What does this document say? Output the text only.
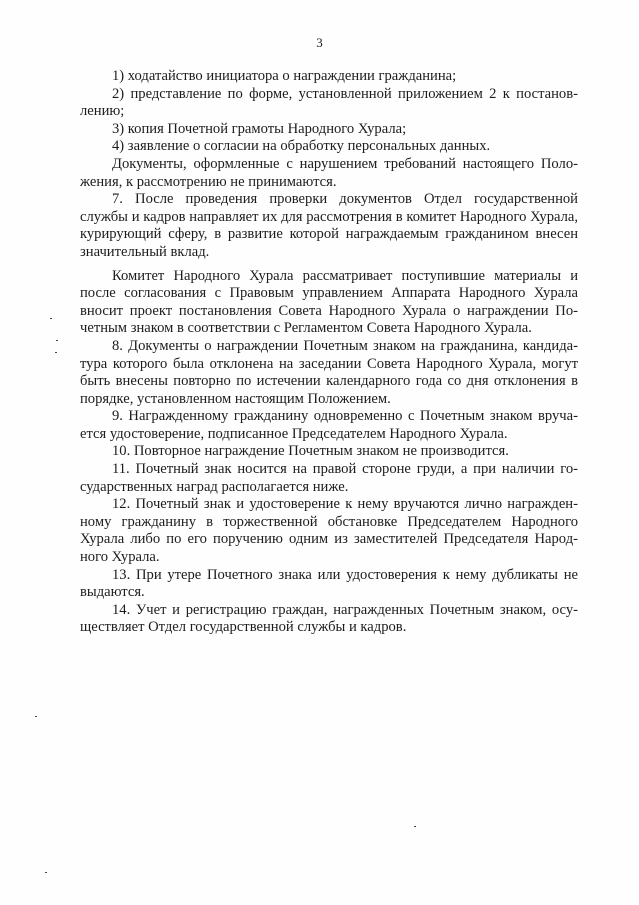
3

1) ходатайство инициатора о награждении гражданина;

2) представление по форме, установленной приложением 2 к постановлению;

3) копия Почетной грамоты Народного Хурала;

4) заявление о согласии на обработку персональных данных.

Документы, оформленные с нарушением требований настоящего Положения, к рассмотрению не принимаются.

7. После проведения проверки документов Отдел государственной службы и кадров направляет их для рассмотрения в комитет Народного Хурала, курирующий сферу, в развитие которой награждаемым гражданином внесен значительный вклад.

Комитет Народного Хурала рассматривает поступившие материалы и после согласования с Правовым управлением Аппарата Народного Хурала вносит проект постановления Совета Народного Хурала о награждении Почетным знаком в соответствии с Регламентом Совета Народного Хурала.

8. Документы о награждении Почетным знаком на гражданина, кандидатура которого была отклонена на заседании Совета Народного Хурала, могут быть внесены повторно по истечении календарного года со дня отклонения в порядке, установленном настоящим Положением.

9. Награжденному гражданину одновременно с Почетным знаком вручается удостоверение, подписанное Председателем Народного Хурала.

10. Повторное награждение Почетным знаком не производится.

11. Почетный знак носится на правой стороне груди, а при наличии государственных наград располагается ниже.

12. Почетный знак и удостоверение к нему вручаются лично награжденному гражданину в торжественной обстановке Председателем Народного Хурала либо по его поручению одним из заместителей Председателя Народного Хурала.

13. При утере Почетного знака или удостоверения к нему дубликаты не выдаются.

14. Учет и регистрацию граждан, награжденных Почетным знаком, осуществляет Отдел государственной службы и кадров.
